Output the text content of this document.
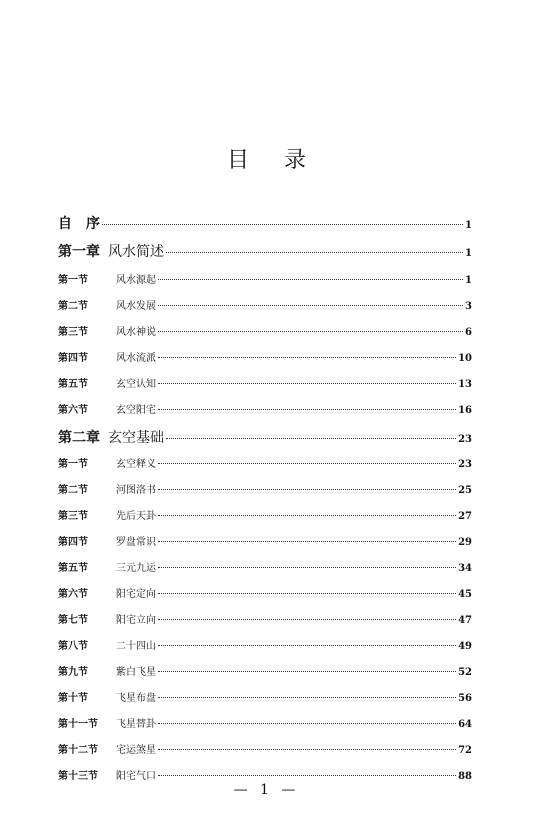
目 录
自　序	1
第一章 风水简述	1
第一节	风水源起	1
第二节	风水发展	3
第三节	风水神说	6
第四节	风水流派	10
第五节	玄空认知	13
第六节	玄空阳宅	16
第二章 玄空基础	23
第一节	玄空释义	23
第二节	河图洛书	25
第三节	先后天卦	27
第四节	罗盘常识	29
第五节	三元九运	34
第六节	阳宅定向	45
第七节	阳宅立向	47
第八节	二十四山	49
第九节	紫白飞星	52
第十节	飞星布盘	56
第十一节	飞星替卦	64
第十二节	宅运煞星	72
第十三节	阳宅气口	88
— 1 —
